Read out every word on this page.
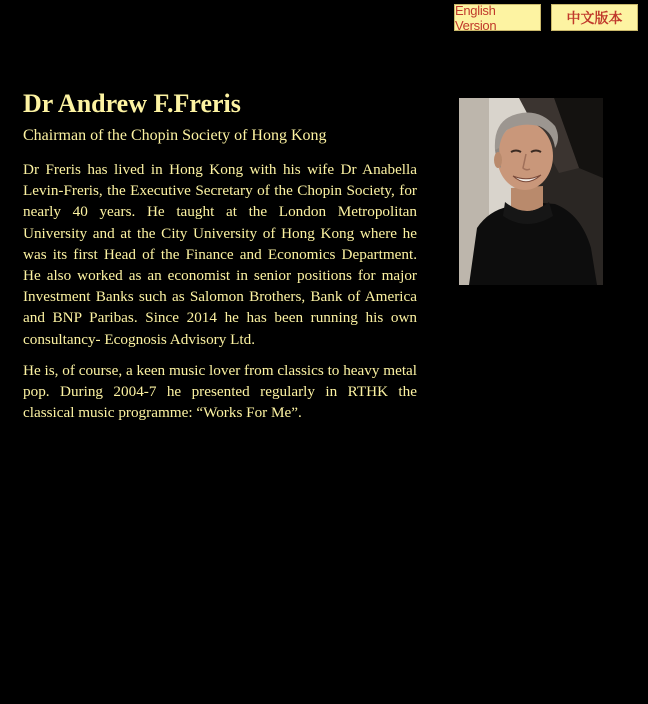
English Version	中文版本
Dr Andrew F.Freris
Chairman of the Chopin Society of Hong Kong

Dr Freris has lived in Hong Kong with his wife Dr Anabella Levin-Freris, the Executive Secretary of the Chopin Society, for nearly 40 years. He taught at the London Metropolitan University and at the City University of Hong Kong where he was its first Head of the Finance and Economics Department. He also worked as an economist in senior positions for major Investment Banks such as Salomon Brothers, Bank of America and BNP Paribas. Since 2014 he has been running his own consultancy- Ecognosis Advisory Ltd.

He is, of course, a keen music lover from classics to heavy metal pop. During 2004-7 he presented regularly in RTHK the classical music programme: “Works For Me”.
